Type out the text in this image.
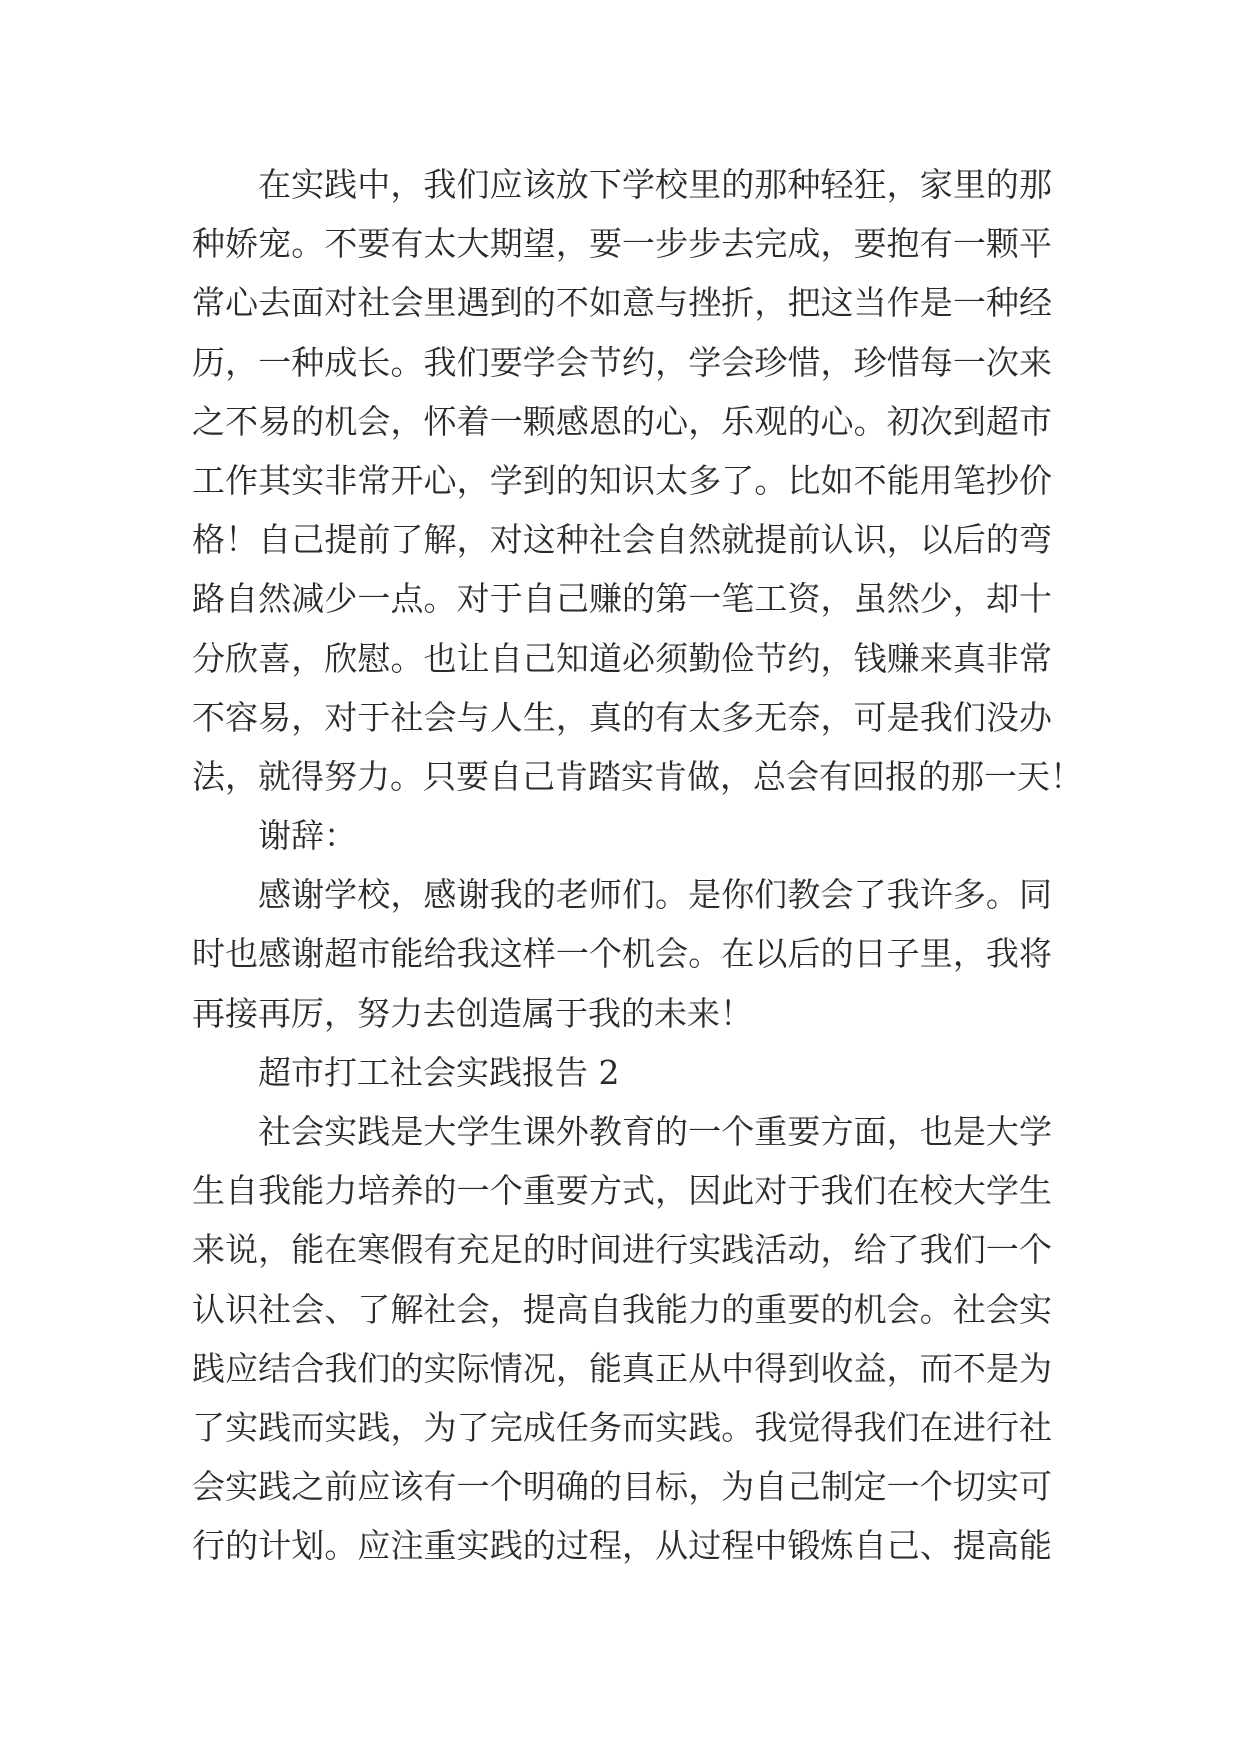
在实践中，我们应该放下学校里的那种轻狂，家里的那
种娇宠。不要有太大期望，要一步步去完成，要抱有一颗平
常心去面对社会里遇到的不如意与挫折，把这当作是一种经
历，一种成长。我们要学会节约，学会珍惜，珍惜每一次来
之不易的机会，怀着一颗感恩的心，乐观的心。初次到超市
工作其实非常开心，学到的知识太多了。比如不能用笔抄价
格！自己提前了解，对这种社会自然就提前认识，以后的弯
路自然减少一点。对于自己赚的第一笔工资，虽然少，却十
分欣喜，欣慰。也让自己知道必须勤俭节约，钱赚来真非常
不容易，对于社会与人生，真的有太多无奈，可是我们没办
法，就得努力。只要自己肯踏实肯做，总会有回报的那一天！
谢辞：
感谢学校，感谢我的老师们。是你们教会了我许多。同
时也感谢超市能给我这样一个机会。在以后的日子里，我将
再接再厉，努力去创造属于我的未来！
超市打工社会实践报告 2
社会实践是大学生课外教育的一个重要方面，也是大学
生自我能力培养的一个重要方式，因此对于我们在校大学生
来说，能在寒假有充足的时间进行实践活动，给了我们一个
认识社会、了解社会，提高自我能力的重要的机会。社会实
践应结合我们的实际情况，能真正从中得到收益，而不是为
了实践而实践，为了完成任务而实践。我觉得我们在进行社
会实践之前应该有一个明确的目标，为自己制定一个切实可
行的计划。应注重实践的过程，从过程中锻炼自己、提高能
